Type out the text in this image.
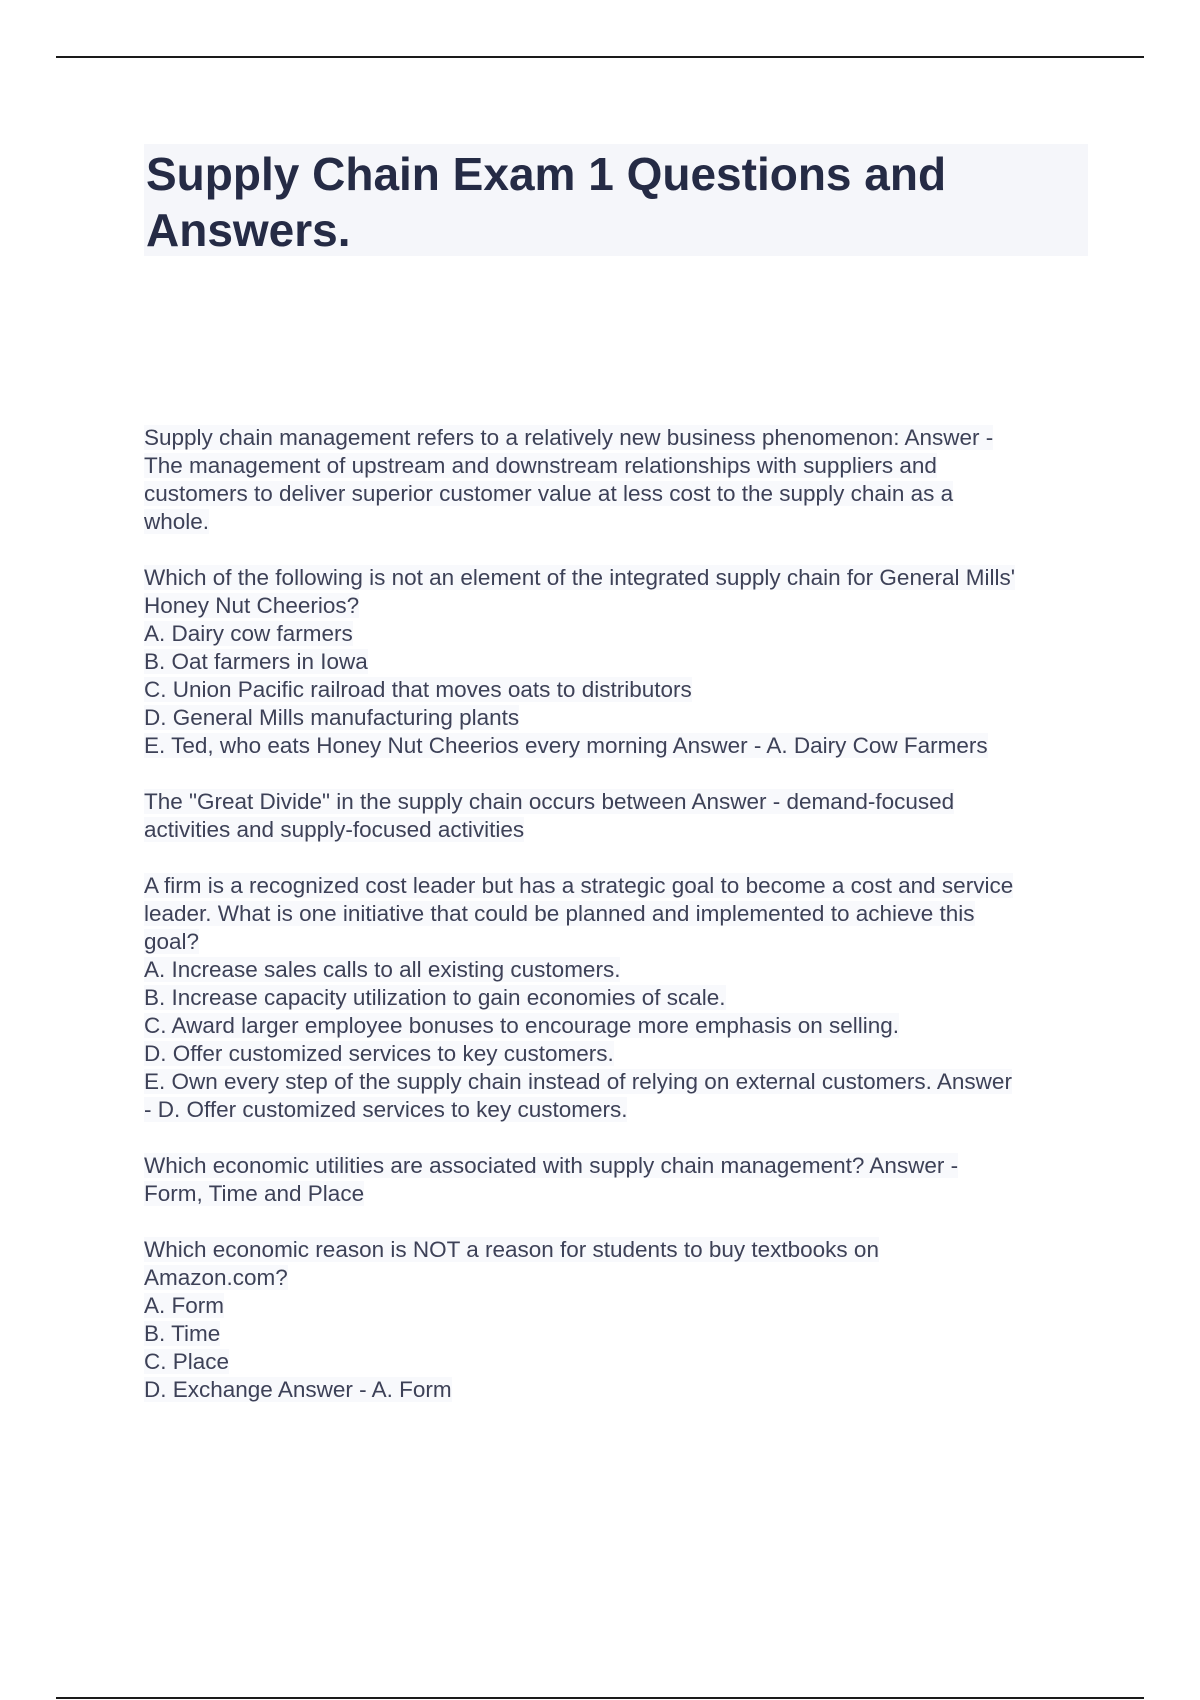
Supply Chain Exam 1 Questions and
Answers.
Supply chain management refers to a relatively new business phenomenon: Answer -
The management of upstream and downstream relationships with suppliers and
customers to deliver superior customer value at less cost to the supply chain as a
whole.
Which of the following is not an element of the integrated supply chain for General Mills'
Honey Nut Cheerios?
A. Dairy cow farmers
B. Oat farmers in Iowa
C. Union Pacific railroad that moves oats to distributors
D. General Mills manufacturing plants
E. Ted, who eats Honey Nut Cheerios every morning Answer - A. Dairy Cow Farmers
The "Great Divide" in the supply chain occurs between Answer - demand-focused
activities and supply-focused activities
A firm is a recognized cost leader but has a strategic goal to become a cost and service
leader. What is one initiative that could be planned and implemented to achieve this
goal?
A. Increase sales calls to all existing customers.
B. Increase capacity utilization to gain economies of scale.
C. Award larger employee bonuses to encourage more emphasis on selling.
D. Offer customized services to key customers.
E. Own every step of the supply chain instead of relying on external customers. Answer
- D. Offer customized services to key customers.
Which economic utilities are associated with supply chain management? Answer -
Form, Time and Place
Which economic reason is NOT a reason for students to buy textbooks on
Amazon.com?
A. Form
B. Time
C. Place
D. Exchange Answer - A. Form
